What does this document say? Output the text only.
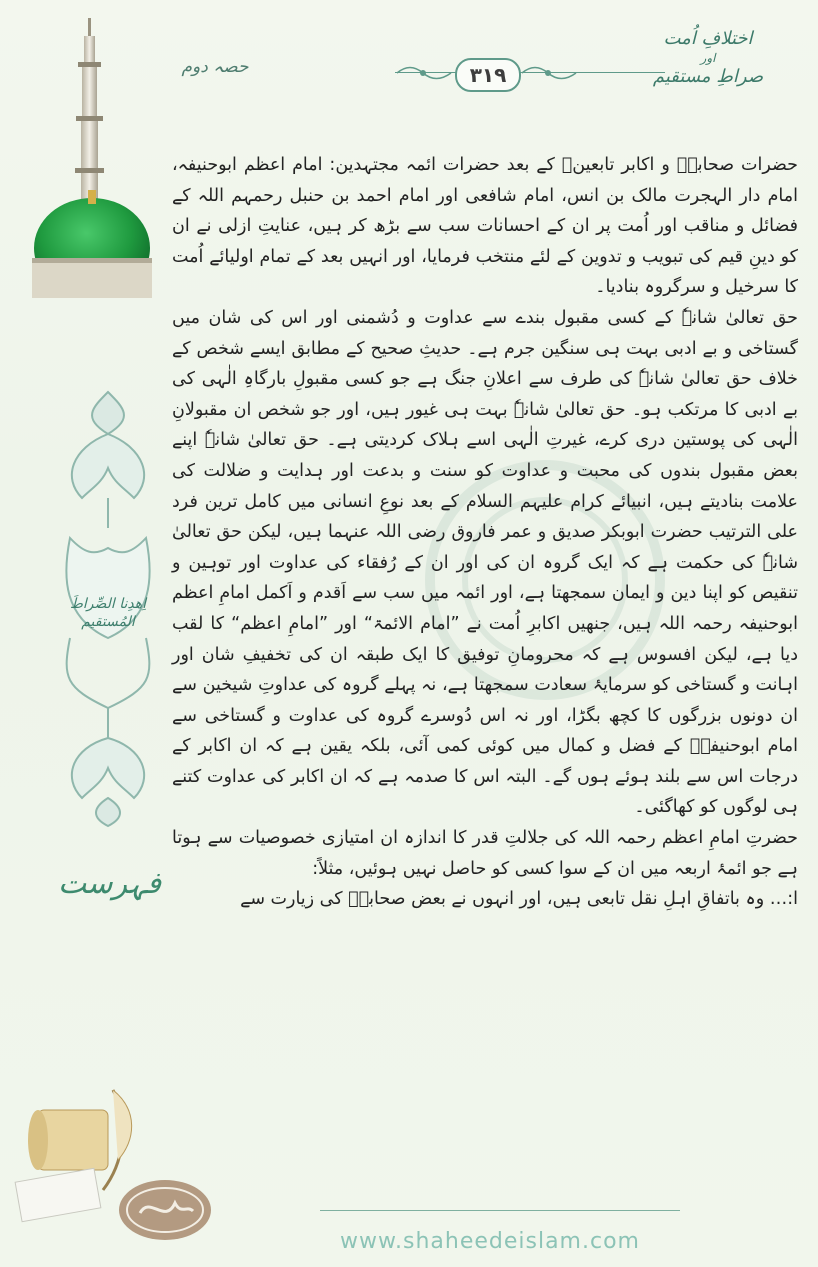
٣١٩
حصہ دوم
اختلافِ اُمت
اور
صراطِ مستقیم
اِھدِنا الصِّراطَ المُستقیم
فہرست
حضرات صحابہؓ و اکابر تابعینؒ کے بعد حضرات ائمہ مجتہدین: امام اعظم ابوحنیفہ، امام دار الہجرت مالک بن انس، امام شافعی اور امام احمد بن حنبل رحمہم اللہ کے فضائل و مناقب اور اُمت پر ان کے احسانات سب سے بڑھ کر ہیں، عنایتِ ازلی نے ان کو دینِ قیم کی تبویب و تدوین کے لئے منتخب فرمایا، اور انہیں بعد کے تمام اولیائے اُمت کا سرخیل و سرگروہ بنادیا۔
حق تعالیٰ شانہٗ کے کسی مقبول بندے سے عداوت و دُشمنی اور اس کی شان میں گستاخی و بے ادبی بہت ہی سنگین جرم ہے۔ حدیثِ صحیح کے مطابق ایسے شخص کے خلاف حق تعالیٰ شانہٗ کی طرف سے اعلانِ جنگ ہے جو کسی مقبولِ بارگاہِ الٰہی کی بے ادبی کا مرتکب ہو۔ حق تعالیٰ شانہٗ بہت ہی غیور ہیں، اور جو شخص ان مقبولانِ الٰہی کی پوستین دری کرے، غیرتِ الٰہی اسے ہلاک کردیتی ہے۔ حق تعالیٰ شانہٗ اپنے بعض مقبول بندوں کی محبت و عداوت کو سنت و بدعت اور ہدایت و ضلالت کی علامت بنادیتے ہیں، انبیائے کرام علیہم السلام کے بعد نوعِ انسانی میں کامل ترین فرد علی الترتیب حضرت ابوبکر صدیق و عمر فاروق رضی اللہ عنہما ہیں، لیکن حق تعالیٰ شانہٗ کی حکمت ہے کہ ایک گروہ ان کی اور ان کے رُفقاء کی عداوت اور توہین و تنقیص کو اپنا دین و ایمان سمجھتا ہے، اور ائمہ میں سب سے اَقدم و اَکمل امامِ اعظم ابوحنیفہ رحمہ اللہ ہیں، جنھیں اکابرِ اُمت نے ”امام الائمۃ“ اور ”امامِ اعظم“ کا لقب دیا ہے، لیکن افسوس ہے کہ محرومانِ توفیق کا ایک طبقہ ان کی تخفیفِ شان اور اہانت و گستاخی کو سرمایۂ سعادت سمجھتا ہے، نہ پہلے گروہ کی عداوتِ شیخین سے ان دونوں بزرگوں کا کچھ بگڑا، اور نہ اس دُوسرے گروہ کی عداوت و گستاخی سے امام ابوحنیفہؒ کے فضل و کمال میں کوئی کمی آئی، بلکہ یقین ہے کہ ان اکابر کے درجات اس سے بلند ہوئے ہوں گے۔ البتہ اس کا صدمہ ہے کہ ان اکابر کی عداوت کتنے ہی لوگوں کو کھاگئی۔
حضرتِ امامِ اعظم رحمہ اللہ کی جلالتِ قدر کا اندازہ ان امتیازی خصوصیات سے ہوتا ہے جو ائمۂ اربعہ میں ان کے سوا کسی کو حاصل نہیں ہوئیں، مثلاً:
ا:… وہ باتفاقِ اہلِ نقل تابعی ہیں، اور انہوں نے بعض صحابہؓ کی زیارت سے
www.shaheedeislam.com
